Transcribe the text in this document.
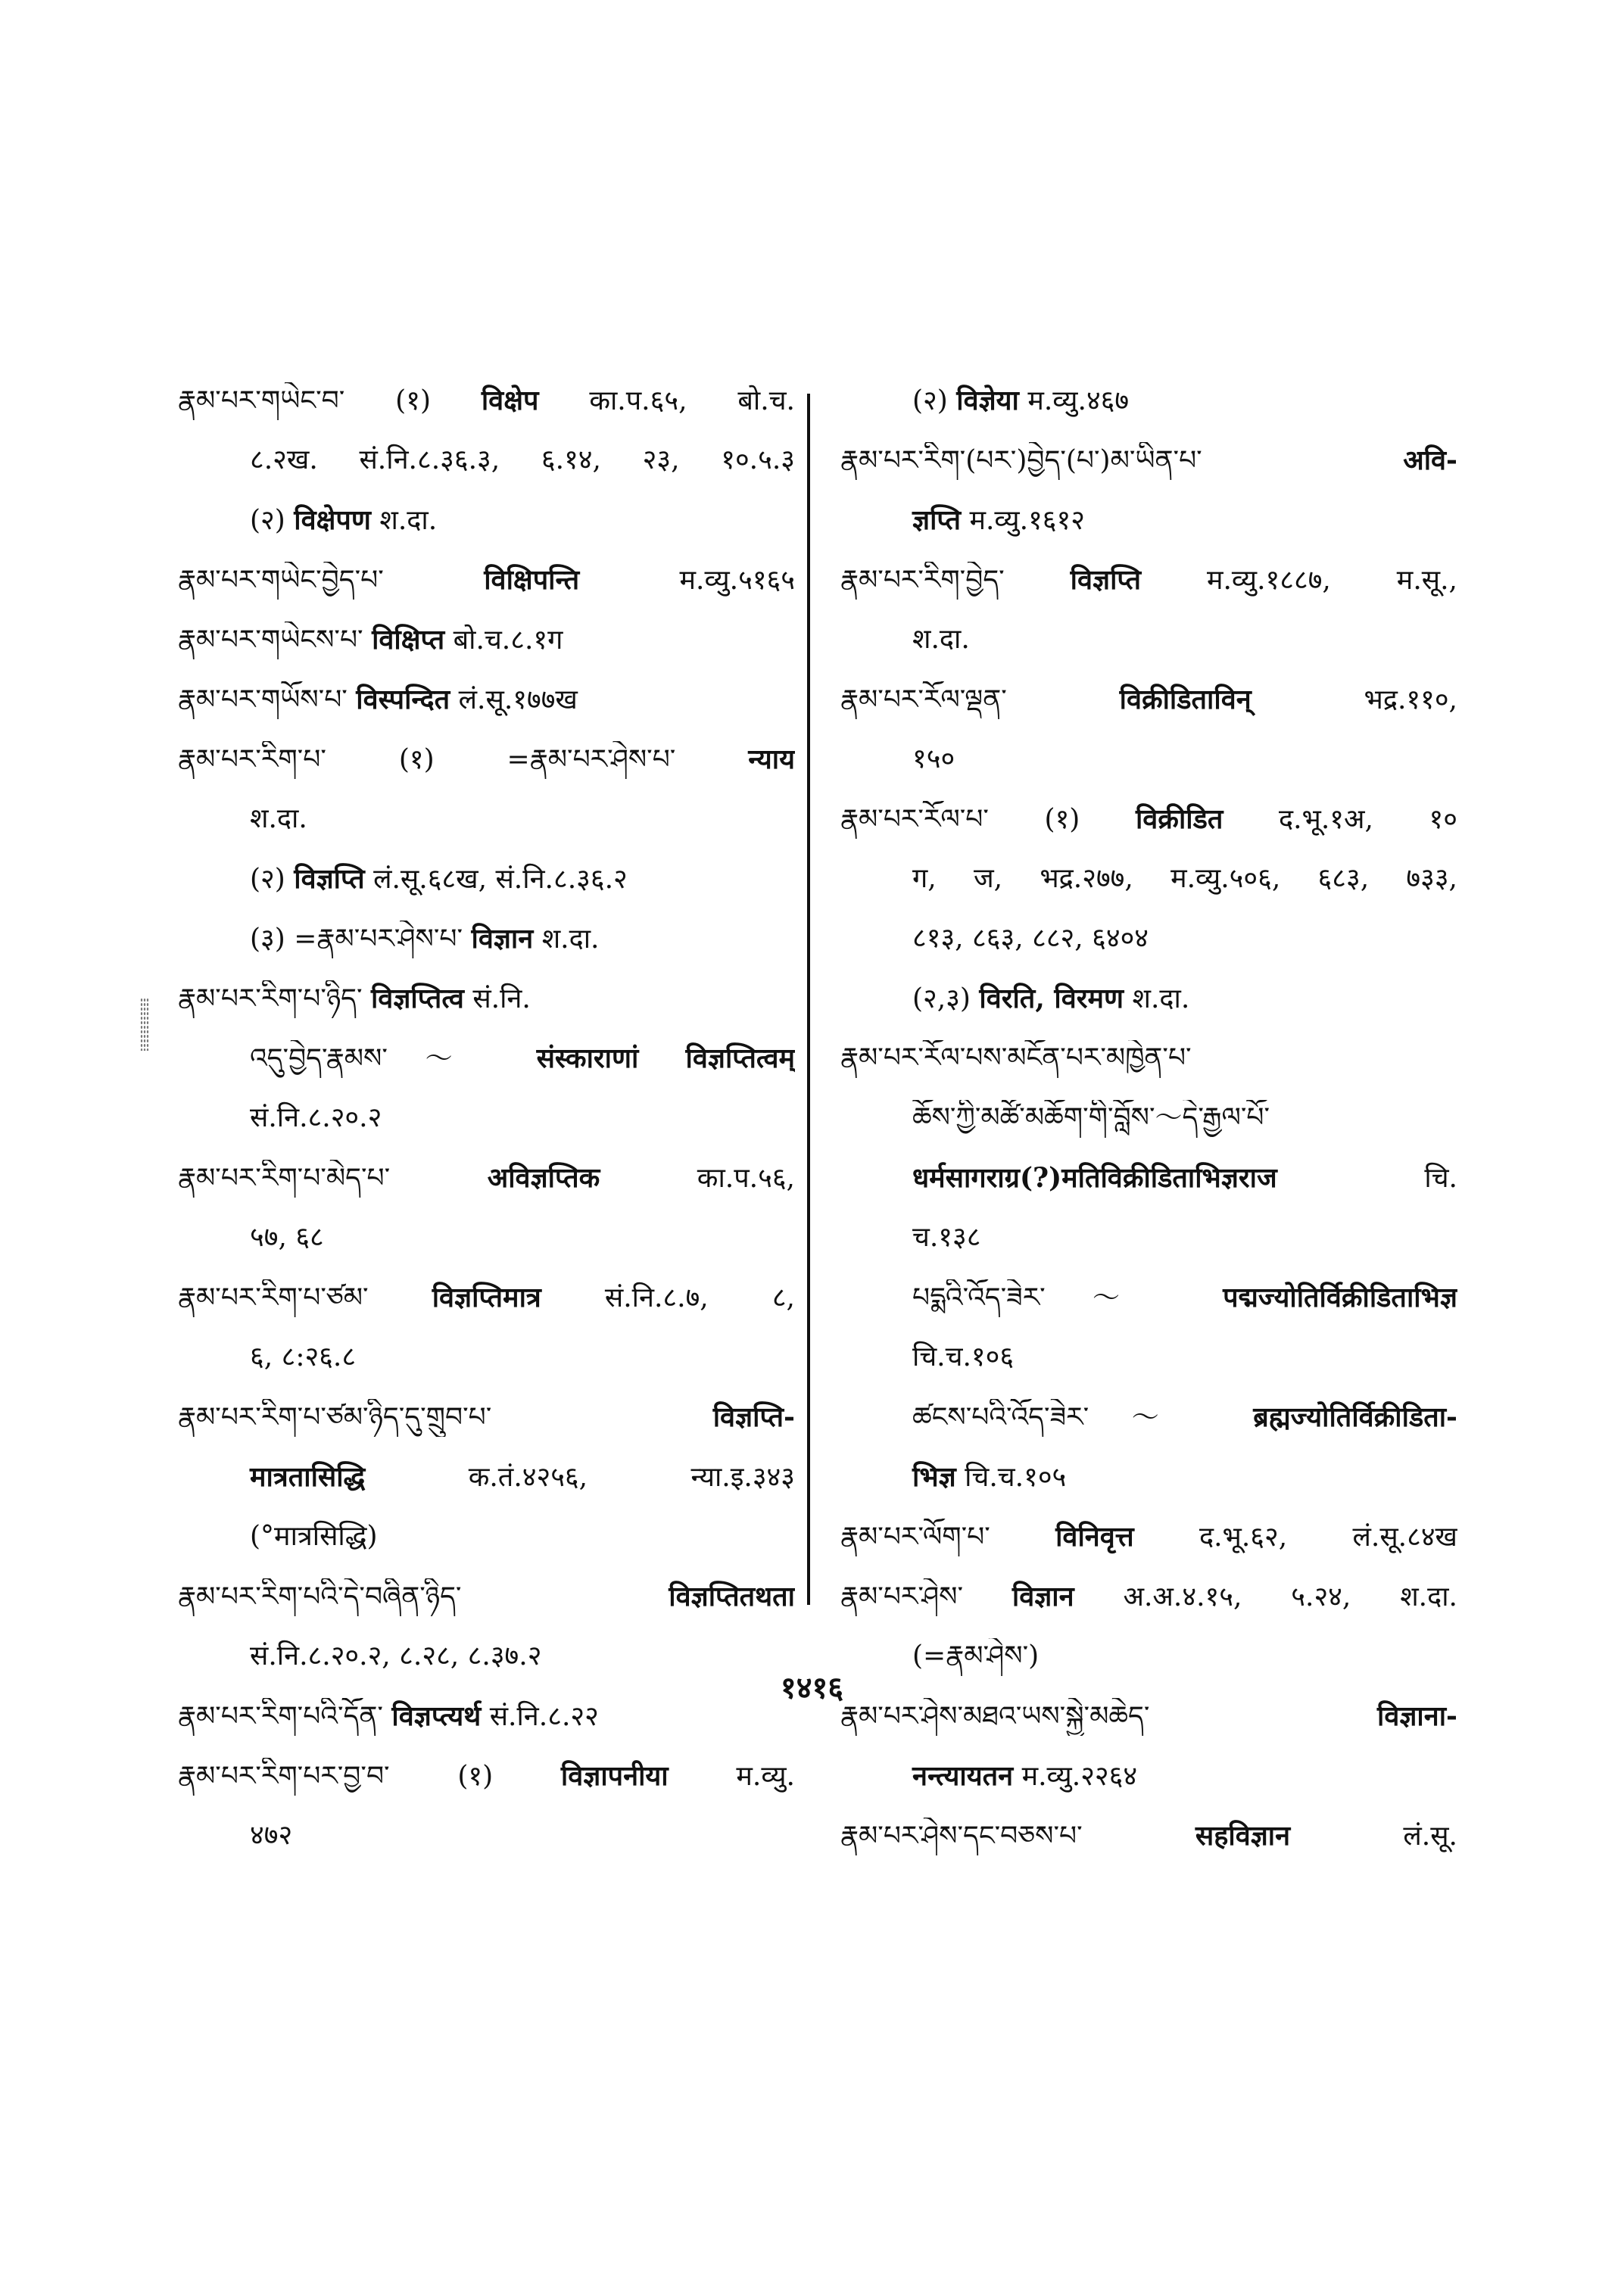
རྣམ་པར་གཡེང་བ་ (१) विक्षेप का.प.६५, बो.च.
८.२ख. सं.नि.८.३६.३, ६.१४, २३, १०.५.३
(२) विक्षेपण श.दा.
རྣམ་པར་གཡེང་བྱེད་པ་ विक्षिपन्ति म.व्यु.५१६५
རྣམ་པར་གཡེངས་པ་ विक्षिप्त बो.च.८.१ग
རྣམ་པར་གཡོས་པ་ विस्पन्दित लं.सू.१७७ख
རྣམ་པར་རིག་པ་ (१) =རྣམ་པར་ཤེས་པ་ न्याय
श.दा.
(२) विज्ञप्ति लं.सू.६८ख, सं.नि.८.३६.२
(३) =རྣམ་པར་ཤེས་པ་ विज्ञान श.दा.
རྣམ་པར་རིག་པ་ཉིད་ विज्ञप्तित्व सं.नि.
འདུ་བྱེད་རྣམས་～ संस्काराणां विज्ञप्तित्वम्
सं.नि.८.२०.२
རྣམ་པར་རིག་པ་མེད་པ་ अविज्ञप्तिक का.प.५६,
५७, ६८
རྣམ་པར་རིག་པ་ཙམ་ विज्ञप्तिमात्र सं.नि.८.७, ८,
६, ८:२६.८
རྣམ་པར་རིག་པ་ཙམ་ཉིད་དུ་གྲུབ་པ་ विज्ञप्ति-
मात्रतासिद्धि क.तं.४२५६, न्या.इ.३४३
(°मात्रसिद्धि)
རྣམ་པར་རིག་པའི་དེ་བཞིན་ཉིད་ विज्ञप्तितथता
सं.नि.८.२०.२, ८.२८, ८.३७.२
རྣམ་པར་རིག་པའི་དོན་ विज्ञप्त्यर्थ सं.नि.८.२२
རྣམ་པར་རིག་པར་བྱ་བ་ (१) विज्ञापनीया म.व्यु.
४७२
(२) विज्ञेया म.व्यु.४६७
རྣམ་པར་རིག་(པར་)བྱེད་(པ་)མ་ཡིན་པ་ अवि-
ज्ञप्ति म.व्यु.१६१२
རྣམ་པར་རིག་བྱེད་ विज्ञप्ति म.व्यु.१८८७, म.सू.,
श.दा.
རྣམ་པར་རོལ་ལྡན་ विक्रीडिताविन् भद्र.११०,
१५०
རྣམ་པར་རོལ་པ་ (१) विक्रीडित द.भू.१अ, १०
ग, ज, भद्र.२७७, म.व्यु.५०६, ६८३, ७३३,
८१३, ८६३, ८८२, ६४०४
(२,३) विरति, विरमण श.दा.
རྣམ་པར་རོལ་པས་མངོན་པར་མཁྱེན་པ་
ཆོས་ཀྱི་མཚོ་མཆོག་གི་བློས་～དེ་རྒྱལ་པོ་
धर्मसागराग्र(?)मतिविक्रीडिताभिज्ञराज चि.
च.१३८
པདྨའི་འོད་ཟེར་～ पद्मज्योतिर्विक्रीडिताभिज्ञ
चि.च.१०६
ཚངས་པའི་འོད་ཟེར་～ ब्रह्मज्योतिर्विक्रीडिता-
भिज्ञ चि.च.१०५
རྣམ་པར་ལོག་པ་ विनिवृत्त द.भू.६२, लं.सू.८४ख
རྣམ་པར་ཤེས་ विज्ञान अ.अ.४.१५, ५.२४, श.दा.
(=རྣམ་ཤེས་)
རྣམ་པར་ཤེས་མཐའ་ཡས་སྐྱེ་མཆེད་ विज्ञाना-
नन्त्यायतन म.व्यु.२२६४
རྣམ་པར་ཤེས་དང་བཅས་པ་ सहविज्ञान लं.सू.
१४१६
